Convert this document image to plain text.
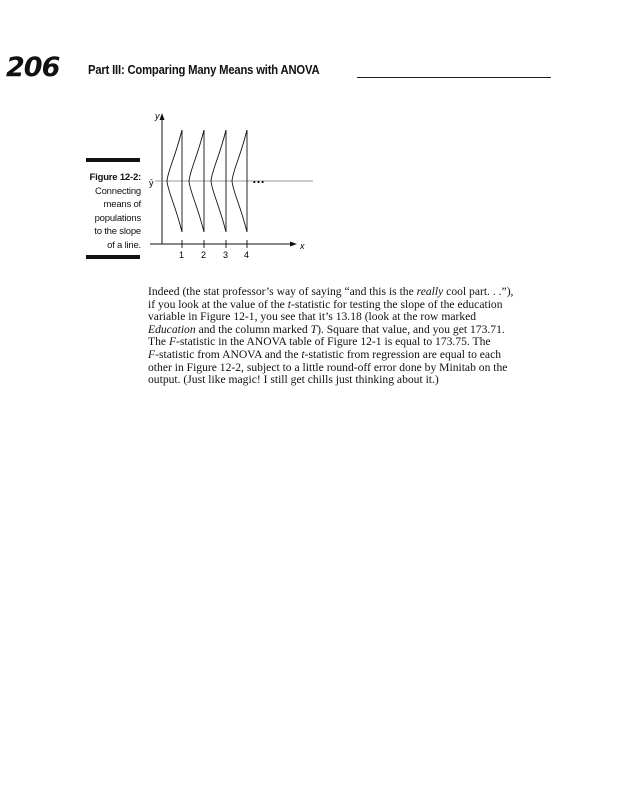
206 Part III: Comparing Many Means with ANOVA
Figure 12-2:
Connecting
means of
populations
to the slope
of a line.
y
x
ȳ
1 2 3 4
…

Indeed (the stat professor’s way of saying “and this is the really cool part. . .”),
if you look at the value of the t-statistic for testing the slope of the education
variable in Figure 12-1, you see that it’s 13.18 (look at the row marked
Education and the column marked T). Square that value, and you get 173.71.
The F-statistic in the ANOVA table of Figure 12-1 is equal to 173.75. The
F-statistic from ANOVA and the t-statistic from regression are equal to each
other in Figure 12-2, subject to a little round-off error done by Minitab on the
output. (Just like magic! I still get chills just thinking about it.)
